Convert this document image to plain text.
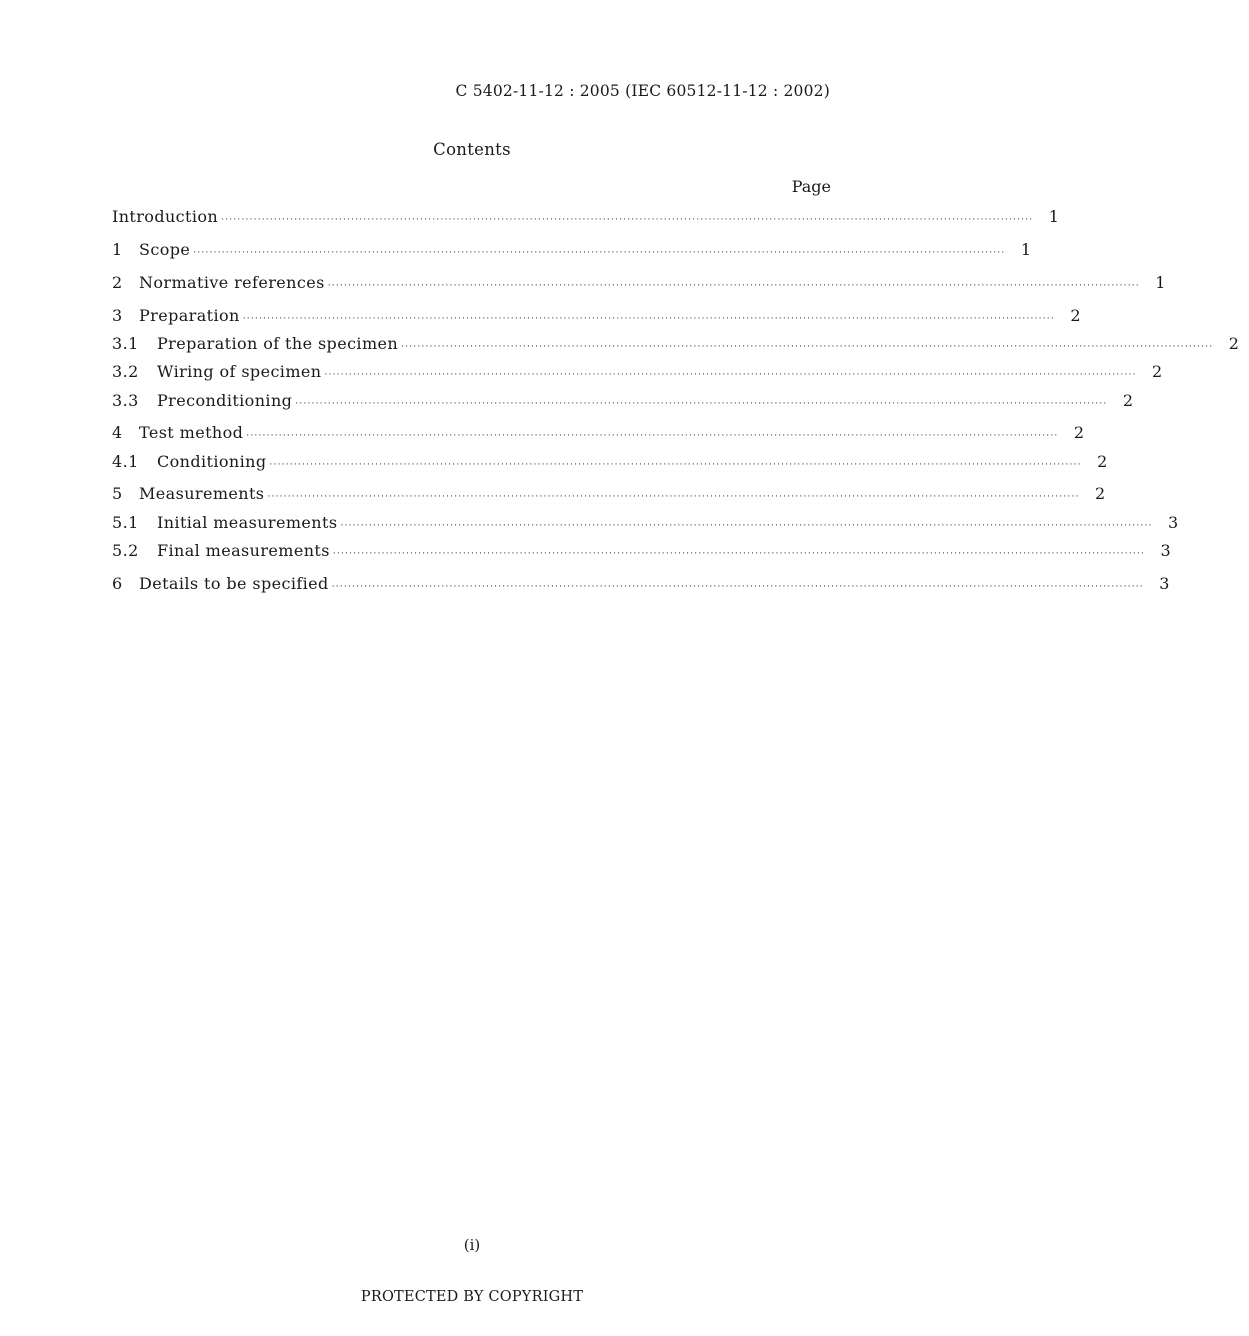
C 5402-11-12 : 2005 (IEC 60512-11-12 : 2002)
Contents
Page
Introduction ········································································································································································································ 1
1	Scope ········································································································································································································ 1
2	Normative references ········································································································································································································ 1
3	Preparation ········································································································································································································ 2
3.1	Preparation of the specimen ········································································································································································································ 2
3.2	Wiring of specimen ········································································································································································································ 2
3.3	Preconditioning ········································································································································································································ 2
4	Test method ········································································································································································································ 2
4.1	Conditioning ········································································································································································································ 2
5	Measurements ········································································································································································································ 2
5.1	Initial measurements ········································································································································································································ 3
5.2	Final measurements ········································································································································································································ 3
6	Details to be specified ········································································································································································································ 3
(i)
PROTECTED BY COPYRIGHT
